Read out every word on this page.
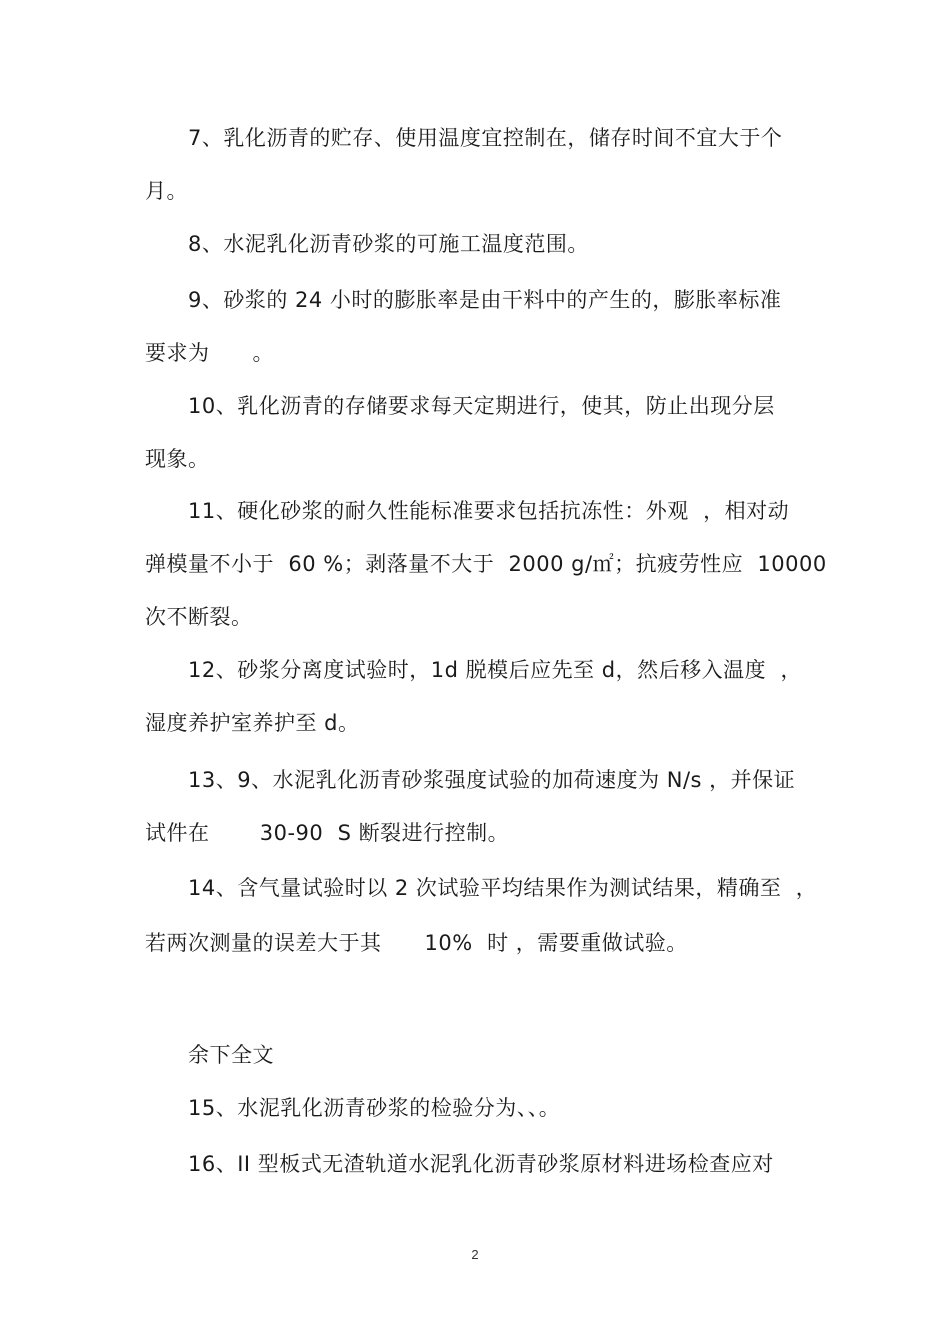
7、乳化沥青的贮存、使用温度宜控制在，储存时间不宜大于个
月。
8、水泥乳化沥青砂浆的可施工温度范围。
9、砂浆的 24 小时的膨胀率是由干料中的产生的，膨胀率标准
要求为      。
10、乳化沥青的存储要求每天定期进行，使其，防止出现分层
现象。
11、硬化砂浆的耐久性能标准要求包括抗冻性：外观  ，相对动
弹模量不小于  60 %；剥落量不大于  2000 g/㎡；抗疲劳性应  10000
次不断裂。
12、砂浆分离度试验时，1d 脱模后应先至 d，然后移入温度  ，
湿度养护室养护至 d。
13、9、水泥乳化沥青砂浆强度试验的加荷速度为 N/s ，并保证
试件在       30-90  S 断裂进行控制。
14、含气量试验时以 2 次试验平均结果作为测试结果，精确至  ，
若两次测量的误差大于其      10%  时 ，需要重做试验。
余下全文
15、水泥乳化沥青砂浆的检验分为、、。
16、II 型板式无渣轨道水泥乳化沥青砂浆原材料进场检查应对
2
